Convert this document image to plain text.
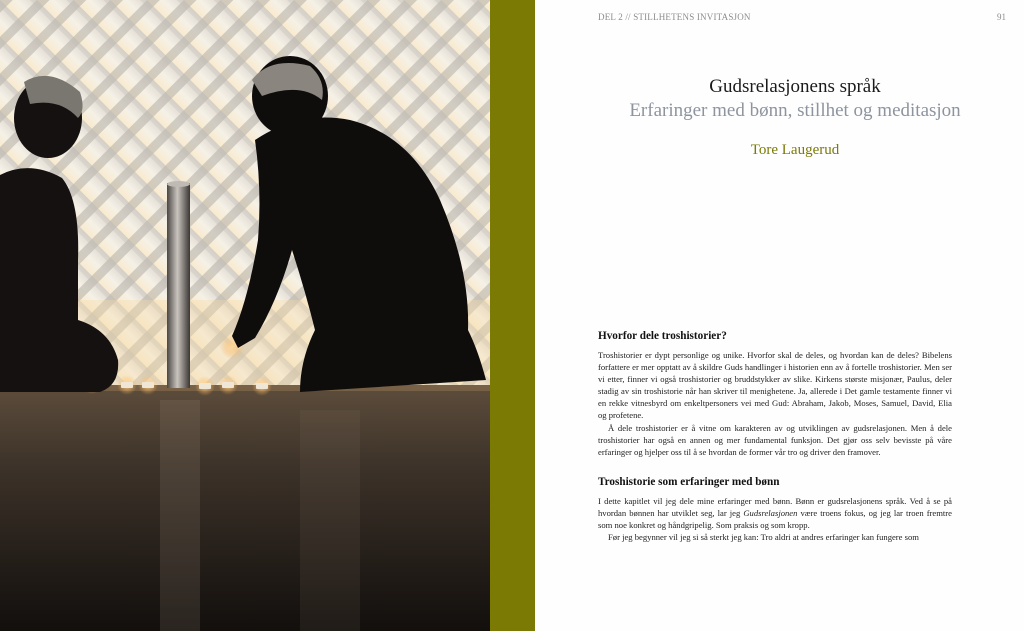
DEL 2 // STILLHETENS INVITASJON	91
Gudsrelasjonens språk
Erfaringer med bønn, stillhet og meditasjon
Tore Laugerud
Hvorfor dele troshistorier?

Troshistorier er dypt personlige og unike. Hvorfor skal de deles, og hvordan kan de deles? Bibelens forfattere er mer opptatt av å skildre Guds handlinger i historien enn av å fortelle troshistorier. Men ser vi etter, finner vi også troshistorier og bruddstykker av slike. Kirkens største misjonær, Paulus, deler stadig av sin troshistorie når han skriver til menighetene. Ja, allerede i Det gamle testamente finner vi en rekke vitnesbyrd om enkeltpersoners vei med Gud: Abraham, Jakob, Moses, Samuel, David, Elia og profetene.

Å dele troshistorier er å vitne om karakteren av og utviklingen av gudsrelasjonen. Men å dele troshistorier har også en annen og mer fundamental funksjon. Det gjør oss selv bevisste på våre erfaringer og hjelper oss til å se hvordan de former vår tro og driver den framover.

Troshistorie som erfaringer med bønn

I dette kapitlet vil jeg dele mine erfaringer med bønn. Bønn er gudsrelasjonens språk. Ved å se på hvordan bønnen har utviklet seg, lar jeg Gudsrelasjonen være troens fokus, og jeg lar troen fremtre som noe konkret og håndgripelig. Som praksis og som kropp.

Før jeg begynner vil jeg si så sterkt jeg kan: Tro aldri at andres erfaringer kan fungere som
